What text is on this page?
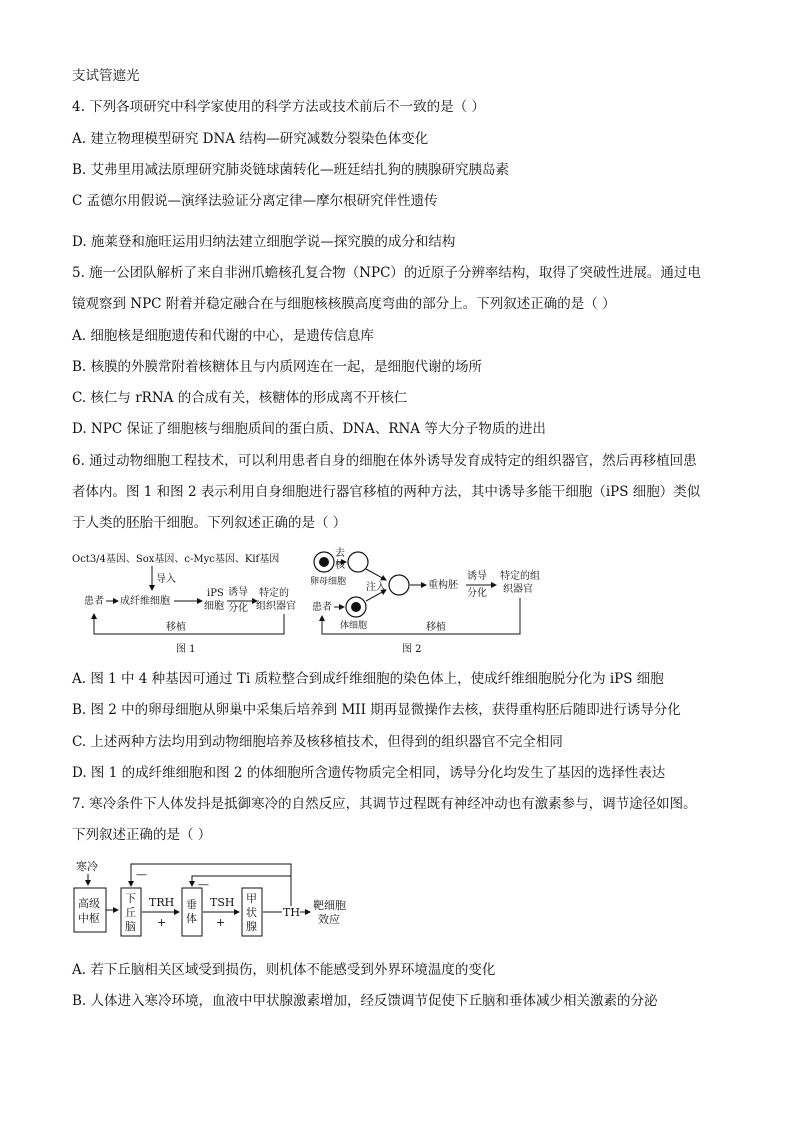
支试管遮光
4. 下列各项研究中科学家使用的科学方法或技术前后不一致的是（ ）
A. 建立物理模型研究 DNA 结构—研究减数分裂染色体变化
B. 艾弗里用减法原理研究肺炎链球菌转化—班廷结扎狗的胰腺研究胰岛素
C 孟德尔用假说—演绎法验证分离定律—摩尔根研究伴性遗传
D. 施莱登和施旺运用归纳法建立细胞学说—探究膜的成分和结构
5. 施一公团队解析了来自非洲爪蟾核孔复合物（NPC）的近原子分辨率结构，取得了突破性进展。通过电
镜观察到 NPC 附着并稳定融合在与细胞核核膜高度弯曲的部分上。下列叙述正确的是（ ）
A. 细胞核是细胞遗传和代谢的中心，是遗传信息库
B. 核膜的外膜常附着核糖体且与内质网连在一起，是细胞代谢的场所
C. 核仁与 rRNA 的合成有关，核糖体的形成离不开核仁
D. NPC 保证了细胞核与细胞质间的蛋白质、DNA、RNA 等大分子物质的进出
6. 通过动物细胞工程技术，可以利用患者自身的细胞在体外诱导发育成特定的组织器官，然后再移植回患
者体内。图 1 和图 2 表示利用自身细胞进行器官移植的两种方法，其中诱导多能干细胞（iPS 细胞）类似
于人类的胚胎干细胞。下列叙述正确的是（ ）
Oct3/4基因、Sox基因、c-Myc基因、Klf基因
导入
患者 成纤维细胞
iPS
细胞
诱导
分化
特定的
组织器官
移植
图 1
去
核
卵母细胞 注入	重构胚
诱导
分化
特定的组
织器官
患者
体细胞	移植
图 2
A. 图 1 中 4 种基因可通过 Ti 质粒整合到成纤维细胞的染色体上，使成纤维细胞脱分化为 iPS 细胞
B. 图 2 中的卵母细胞从卵巢中采集后培养到 MII 期再显微操作去核，获得重构胚后随即进行诱导分化
C. 上述两种方法均用到动物细胞培养及核移植技术，但得到的组织器官不完全相同
D. 图 1 的成纤维细胞和图 2 的体细胞所含遗传物质完全相同，诱导分化均发生了基因的选择性表达
7. 寒冷条件下人体发抖是抵御寒冷的自然反应，其调节过程既有神经冲动也有激素参与，调节途径如图。
下列叙述正确的是（ ）
寒冷
高级
中枢
下
丘
脑
TRH
+
垂
体
TSH
+
甲
状
腺
TH
靶细胞
效应
—
—
A. 若下丘脑相关区域受到损伤，则机体不能感受到外界环境温度的变化
B. 人体进入寒冷环境，血液中甲状腺激素增加，经反馈调节促使下丘脑和垂体减少相关激素的分泌
